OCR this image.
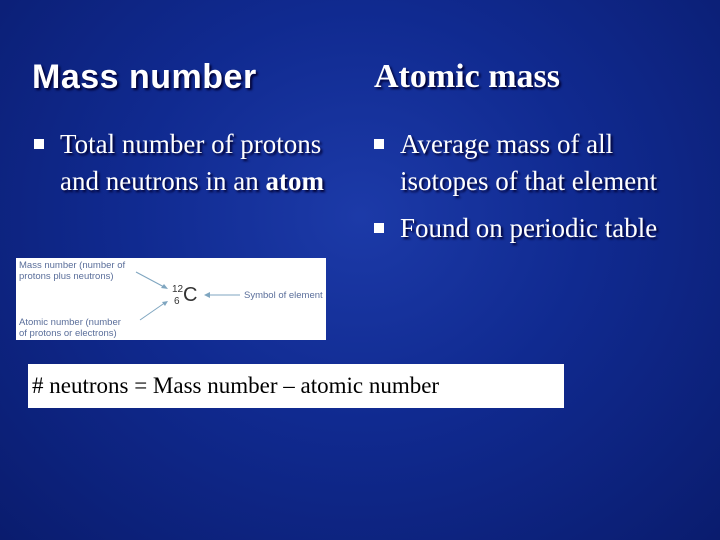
Mass number	Atomic mass
Total number of protons and neutrons in an atom
Average mass of all isotopes of that element
Found on periodic table
Mass number (number of
protons plus neutrons)
Atomic number (number
of protons or electrons)
12
6 C	Symbol of element
# neutrons = Mass number – atomic number
